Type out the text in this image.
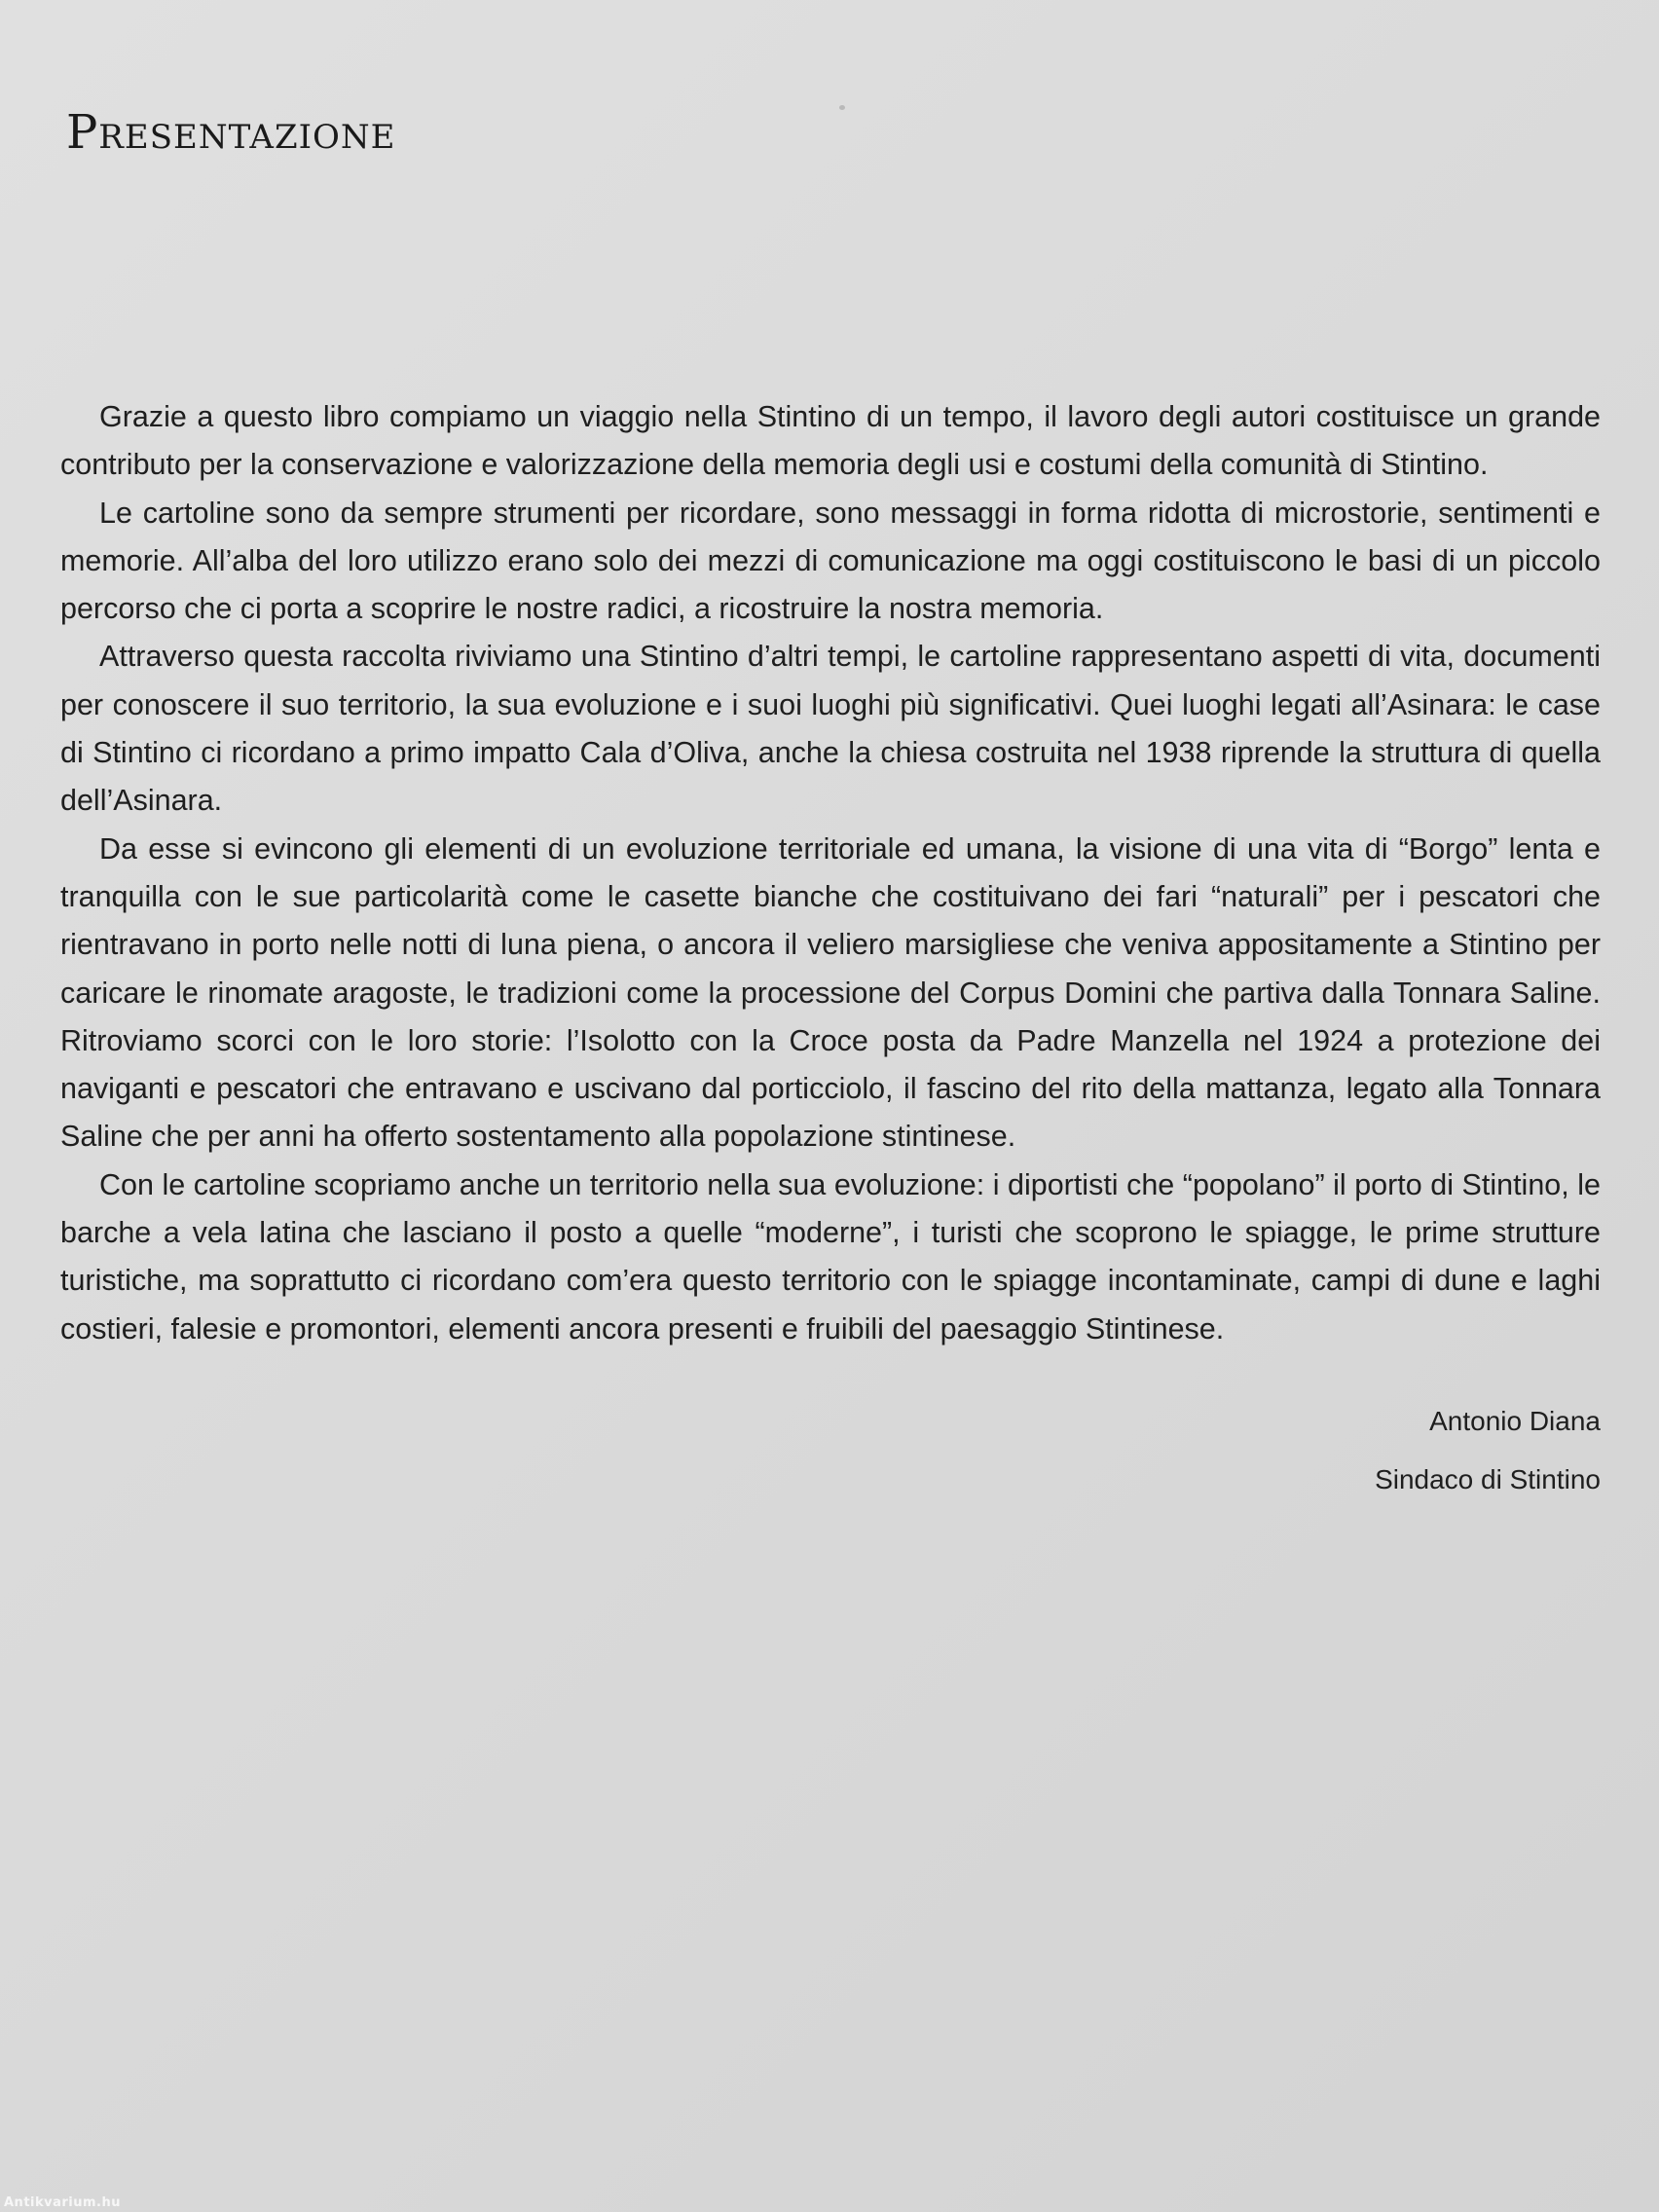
Presentazione

Grazie a questo libro compiamo un viaggio nella Stintino di un tempo, il lavoro degli autori costituisce un grande contributo per la conservazione e valorizzazione della memoria degli usi e costumi della comunità di Stintino.

Le cartoline sono da sempre strumenti per ricordare, sono messaggi in forma ridotta di microstorie, sentimenti e memorie. All’alba del loro utilizzo erano solo dei mezzi di comunicazione ma oggi costituiscono le basi di un piccolo percorso che ci porta a scoprire le nostre radici, a ricostruire la nostra memoria.

Attraverso questa raccolta riviviamo una Stintino d’altri tempi, le cartoline rappresentano aspetti di vita, documenti per conoscere il suo territorio, la sua evoluzione e i suoi luoghi più significativi. Quei luoghi legati all’Asinara: le case di Stintino ci ricordano a primo impatto Cala d’Oliva, anche la chiesa costruita nel 1938 riprende la struttura di quella dell’Asinara.

Da esse si evincono gli elementi di un evoluzione territoriale ed umana, la visione di una vita di “Borgo” lenta e tranquilla con le sue particolarità come le casette bianche che costituivano dei fari “naturali” per i pescatori che rientravano in porto nelle notti di luna piena, o ancora il veliero marsigliese che veniva appositamente a Stintino per caricare le rinomate aragoste, le tradizioni come la processione del Corpus Domini che partiva dalla Tonnara Saline. Ritroviamo scorci con le loro storie: l’Isolotto con la Croce posta da Padre Manzella nel 1924 a protezione dei naviganti e pescatori che entravano e uscivano dal porticciolo, il fascino del rito della mattanza, legato alla Tonnara Saline che per anni ha offerto sostentamento alla popolazione stintinese.

Con le cartoline scopriamo anche un territorio nella sua evoluzione: i diportisti che “popolano” il porto di Stintino, le barche a vela latina che lasciano il posto a quelle “moderne”, i turisti che scoprono le spiagge, le prime strutture turistiche, ma soprattutto ci ricordano com’era questo territorio con le spiagge incontaminate, campi di dune e laghi costieri, falesie e promontori, elementi ancora presenti e fruibili del paesaggio Stintinese.

Antonio Diana
Sindaco di Stintino

Antikvarium.hu
